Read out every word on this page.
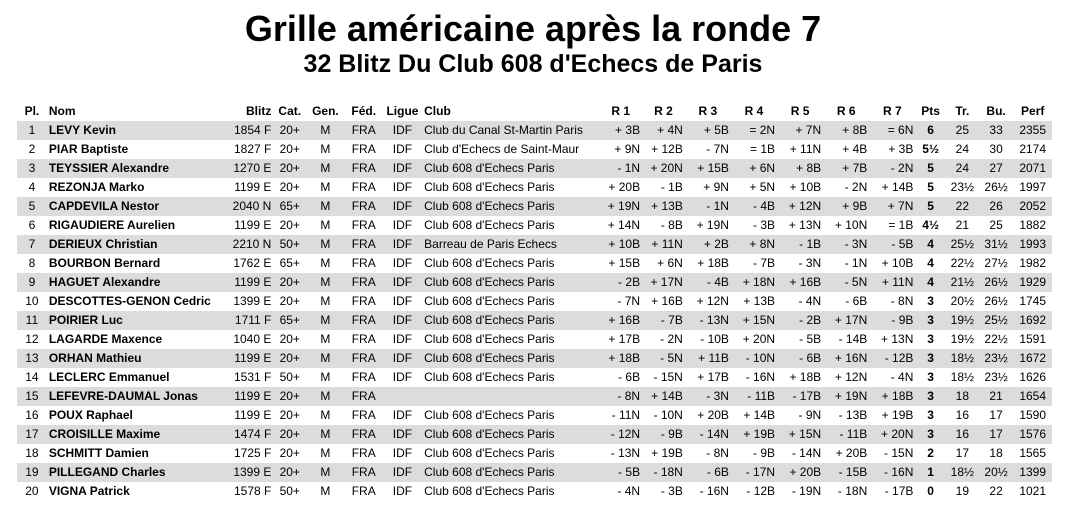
Grille américaine après la ronde 7
32 Blitz Du Club 608 d'Echecs de Paris
Pl.	Nom	Blitz	Cat.	Gen.	Féd.	Ligue	Club	R 1	R 2	R 3	R 4	R 5	R 6	R 7	Pts	Tr.	Bu.	Perf
1	LEVY Kevin	1854 F	20+	M	FRA	IDF	Club du Canal St-Martin Paris	+ 3B	+ 4N	+ 5B	= 2N	+ 7N	+ 8B	= 6N	6	25	33	2355
2	PIAR Baptiste	1827 F	20+	M	FRA	IDF	Club d'Echecs de Saint-Maur	+ 9N	+ 12B	- 7N	= 1B	+ 11N	+ 4B	+ 3B	5½	24	30	2174
3	TEYSSIER Alexandre	1270 E	20+	M	FRA	IDF	Club 608 d'Echecs Paris	- 1N	+ 20N	+ 15B	+ 6N	+ 8B	+ 7B	- 2N	5	24	27	2071
4	REZONJA Marko	1199 E	20+	M	FRA	IDF	Club 608 d'Echecs Paris	+ 20B	- 1B	+ 9N	+ 5N	+ 10B	- 2N	+ 14B	5	23½	26½	1997
5	CAPDEVILA Nestor	2040 N	65+	M	FRA	IDF	Club 608 d'Echecs Paris	+ 19N	+ 13B	- 1N	- 4B	+ 12N	+ 9B	+ 7N	5	22	26	2052
6	RIGAUDIERE Aurelien	1199 E	20+	M	FRA	IDF	Club 608 d'Echecs Paris	+ 14N	- 8B	+ 19N	- 3B	+ 13N	+ 10N	= 1B	4½	21	25	1882
7	DERIEUX Christian	2210 N	50+	M	FRA	IDF	Barreau de Paris Echecs	+ 10B	+ 11N	+ 2B	+ 8N	- 1B	- 3N	- 5B	4	25½	31½	1993
8	BOURBON Bernard	1762 E	65+	M	FRA	IDF	Club 608 d'Echecs Paris	+ 15B	+ 6N	+ 18B	- 7B	- 3N	- 1N	+ 10B	4	22½	27½	1982
9	HAGUET Alexandre	1199 E	20+	M	FRA	IDF	Club 608 d'Echecs Paris	- 2B	+ 17N	- 4B	+ 18N	+ 16B	- 5N	+ 11N	4	21½	26½	1929
10	DESCOTTES-GENON Cedric	1399 E	20+	M	FRA	IDF	Club 608 d'Echecs Paris	- 7N	+ 16B	+ 12N	+ 13B	- 4N	- 6B	- 8N	3	20½	26½	1745
11	POIRIER Luc	1711 F	65+	M	FRA	IDF	Club 608 d'Echecs Paris	+ 16B	- 7B	- 13N	+ 15N	- 2B	+ 17N	- 9B	3	19½	25½	1692
12	LAGARDE Maxence	1040 E	20+	M	FRA	IDF	Club 608 d'Echecs Paris	+ 17B	- 2N	- 10B	+ 20N	- 5B	- 14B	+ 13N	3	19½	22½	1591
13	ORHAN Mathieu	1199 E	20+	M	FRA	IDF	Club 608 d'Echecs Paris	+ 18B	- 5N	+ 11B	- 10N	- 6B	+ 16N	- 12B	3	18½	23½	1672
14	LECLERC Emmanuel	1531 F	50+	M	FRA	IDF	Club 608 d'Echecs Paris	- 6B	- 15N	+ 17B	- 16N	+ 18B	+ 12N	- 4N	3	18½	23½	1626
15	LEFEVRE-DAUMAL Jonas	1199 E	20+	M	FRA			- 8N	+ 14B	- 3N	- 11B	- 17B	+ 19N	+ 18B	3	18	21	1654
16	POUX Raphael	1199 E	20+	M	FRA	IDF	Club 608 d'Echecs Paris	- 11N	- 10N	+ 20B	+ 14B	- 9N	- 13B	+ 19B	3	16	17	1590
17	CROISILLE Maxime	1474 F	20+	M	FRA	IDF	Club 608 d'Echecs Paris	- 12N	- 9B	- 14N	+ 19B	+ 15N	- 11B	+ 20N	3	16	17	1576
18	SCHMITT Damien	1725 F	20+	M	FRA	IDF	Club 608 d'Echecs Paris	- 13N	+ 19B	- 8N	- 9B	- 14N	+ 20B	- 15N	2	17	18	1565
19	PILLEGAND Charles	1399 E	20+	M	FRA	IDF	Club 608 d'Echecs Paris	- 5B	- 18N	- 6B	- 17N	+ 20B	- 15B	- 16N	1	18½	20½	1399
20	VIGNA Patrick	1578 F	50+	M	FRA	IDF	Club 608 d'Echecs Paris	- 4N	- 3B	- 16N	- 12B	- 19N	- 18N	- 17B	0	19	22	1021
